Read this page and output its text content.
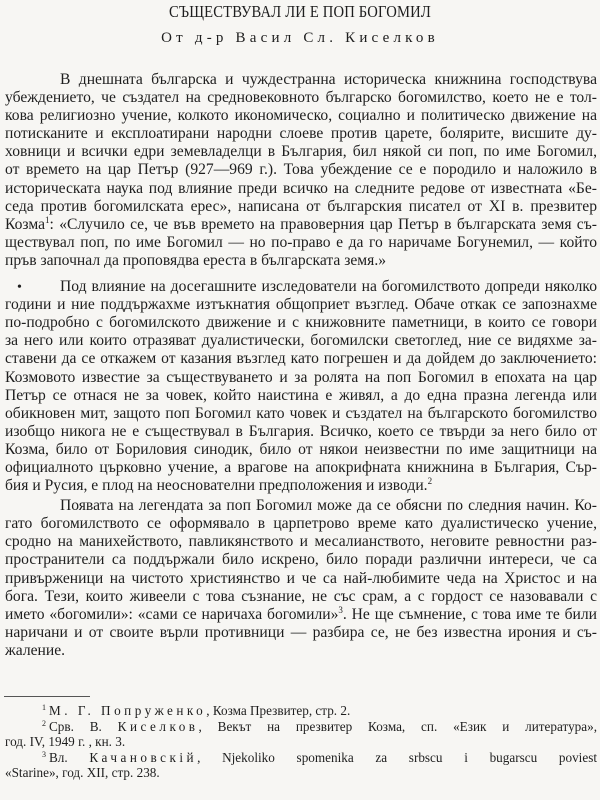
СЪЩЕСТВУВАЛ ЛИ Е ПОП БОГОМИЛ
От д-р Васил Сл. Киселков
В днешната българска и чуждестранна историческа книжнина господствува
убеждението, че създател на средновековното българско богомилство, което не е тол-
кова религиозно учение, колкото икономическо, социално и политическо движение на
потисканите и експлоатирани народни слоеве против царете, болярите, висшите ду-
ховници и всички едри земевладелци в България, бил някой си поп, по име Богомил,
от времето на цар Петър (927—969 г.). Това убеждение се е породило и наложило в
историческата наука под влияние преди всичко на следните редове от известната «Бе-
седа против богомилската ерес», написана от българския писател от XI в. презвитер
Козма$^1$: «Случило се, че във времето на правоверния цар Петър в българската земя съ-
ществувал поп, по име Богомил — но по-право е да го наричаме Богунемил, — който
пръв започнал да проповядва ереста в българската земя.»
•	Под влияние на досегашните изследователи на богомилството допреди няколко
години и ние поддържахме изтъкнатия общоприет възглед. Обаче откак се запознахме
по-подробно с богомилското движение и с книжовните паметници, в които се говори
за него или които отразяват дуалистически, богомилски светоглед, ние се видяхме за-
ставени да се откажем от казания възглед като погрешен и да дойдем до заключението:
Козмовото известие за съществуването и за ролята на поп Богомил в епохата на цар
Петър се отнася не за човек, който наистина е живял, а до една празна легенда или
обикновен мит, защото поп Богомил като човек и създател на българското богомилство
изобщо никога не е съществувал в България. Всичко, което се твърди за него било от
Козма, било от Бориловия синодик, било от някои неизвестни по име защитници на
официалното църковно учение, а врагове на апокрифната книжнина в България, Сър-
бия и Русия, е плод на неоснователни предположения и изводи.$^2$
Появата на легендата за поп Богомил може да се обясни по следния начин. Ко-
гато богомилството се оформявало в царпетрово време като дуалистическо учение,
сродно на манихейството, павликянството и месалианството, неговите ревностни раз-
пространители са поддържали било искрено, било поради различни интереси, че са
привърженици на чистото християнство и че са най-любимите чеда на Христос и на
бога. Тези, които живеели с това съзнание, не със срам, а с гордост се назовавали с
името «богомили»: «сами се наричаха богомили»$^3$. Не ще съмнение, с това име те били
наричани и от своите върли противници — разбира се, не без известна ирония и съ-
жаление.
$^1$ М. Г. Попруженко, Козма Презвитер, стр. 2.
$^2$ Срв. В. Киселков, Векът на презвитер Козма, сп. «Език и литература»,
год. IV, 1949 г. , кн. 3.
$^3$ Вл. Качановскiй, Njekoliko spomenika za srbscu i bugarscu poviest
«Starine», год. XII, стр. 238.
